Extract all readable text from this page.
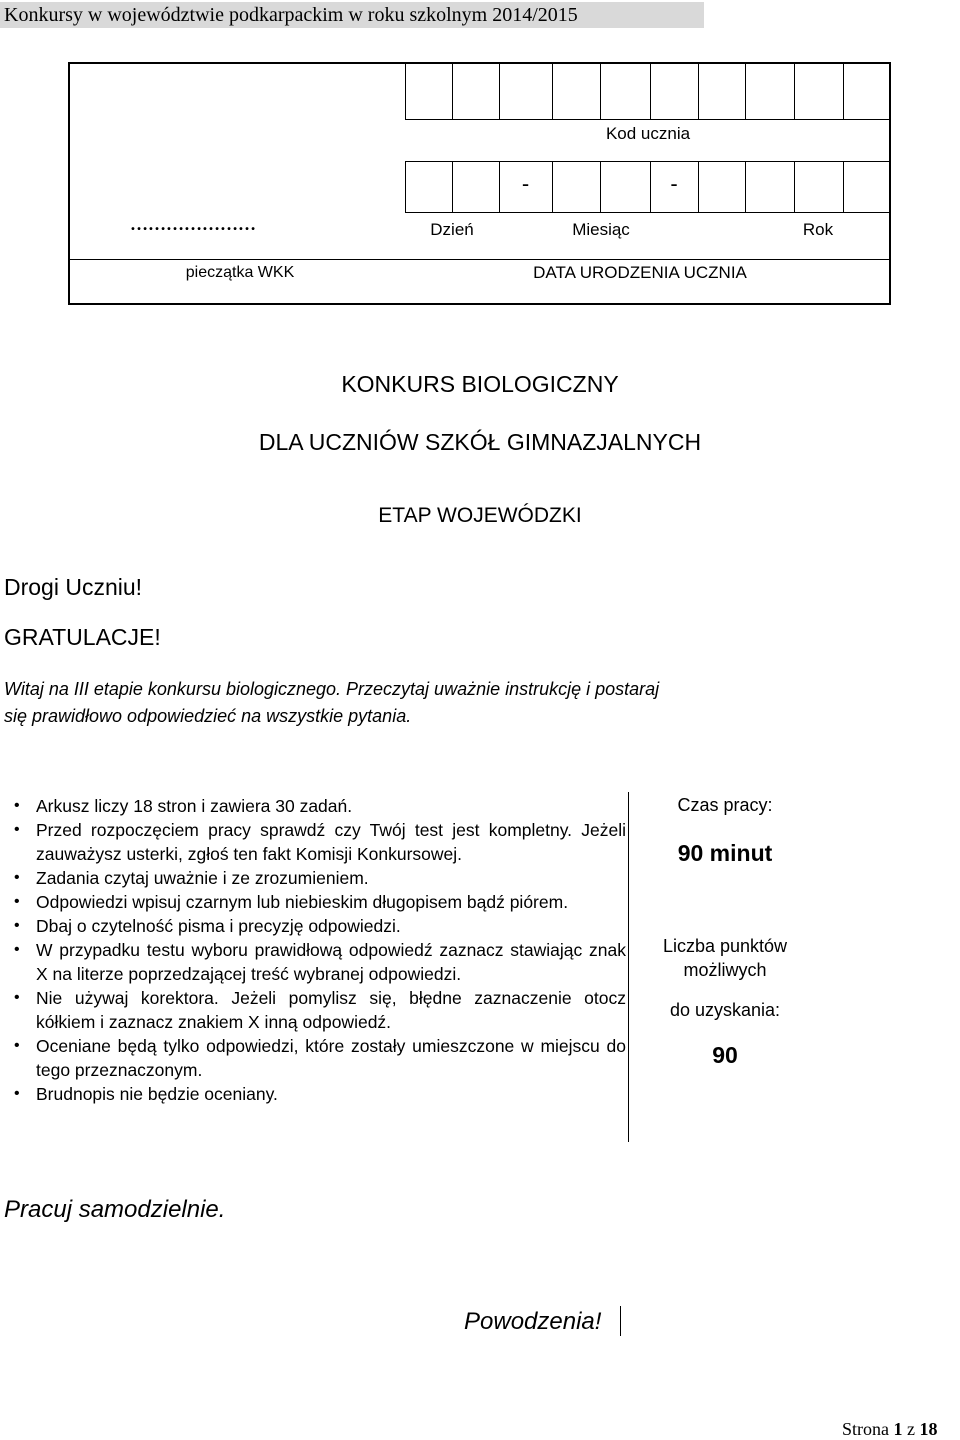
Konkursy w województwie podkarpackim w roku szkolnym 2014/2015
Kod ucznia
-	-
…………………	Dzień	Miesiąc	Rok
pieczątka WKK	DATA URODZENIA UCZNIA
KONKURS BIOLOGICZNY
DLA UCZNIÓW SZKÓŁ GIMNAZJALNYCH
ETAP WOJEWÓDZKI
Drogi Uczniu!
GRATULACJE!
Witaj na III etapie konkursu biologicznego. Przeczytaj uważnie instrukcję i postaraj
się prawidłowo odpowiedzieć na wszystkie pytania.
• Arkusz liczy 18 stron i zawiera 30 zadań.
• Przed rozpoczęciem pracy sprawdź czy Twój test jest kompletny. Jeżeli zauważysz usterki, zgłoś ten fakt Komisji Konkursowej.
• Zadania czytaj uważnie i ze zrozumieniem.
• Odpowiedzi wpisuj czarnym lub niebieskim długopisem bądź piórem.
• Dbaj o czytelność pisma i precyzję odpowiedzi.
• W przypadku testu wyboru prawidłową odpowiedź zaznacz stawiając znak X na literze poprzedzającej treść wybranej odpowiedzi.
• Nie używaj korektora. Jeżeli pomylisz się, błędne zaznaczenie otocz kółkiem i zaznacz znakiem X inną odpowiedź.
• Oceniane będą tylko odpowiedzi, które zostały umieszczone w miejscu do tego przeznaczonym.
• Brudnopis nie będzie oceniany.
Czas pracy:
90 minut
Liczba punktów
możliwych
do uzyskania:
90
Pracuj samodzielnie.
Powodzenia!
Strona 1 z 18
